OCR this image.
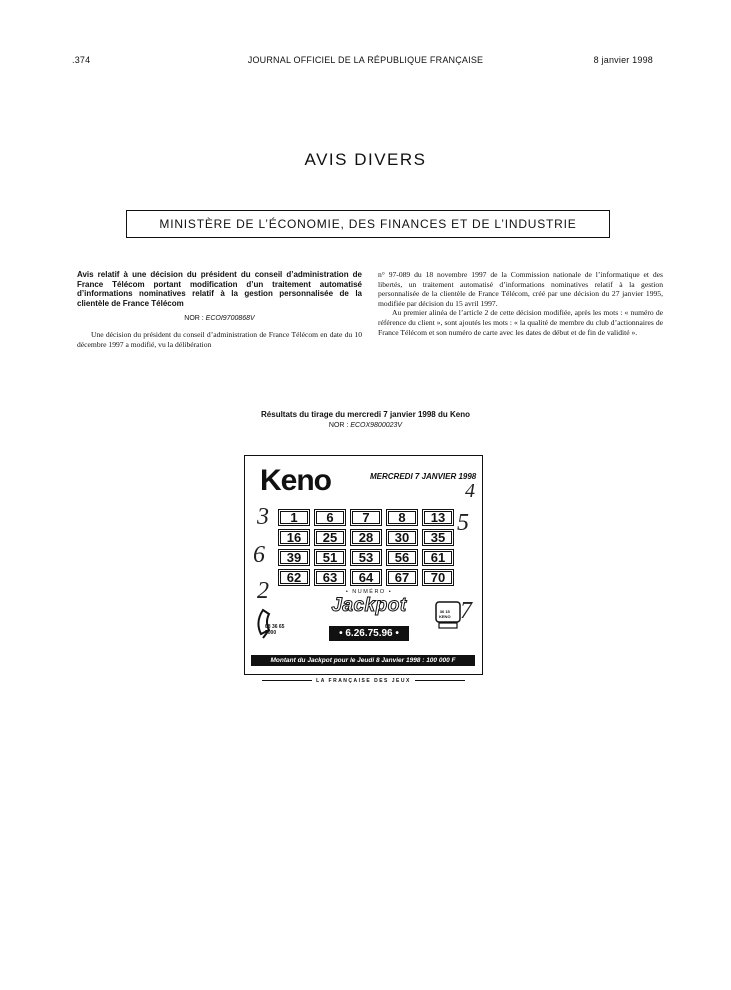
.374	JOURNAL OFFICIEL DE LA RÉPUBLIQUE FRANÇAISE	8 janvier 1998
AVIS DIVERS
MINISTÈRE DE L’ÉCONOMIE, DES FINANCES ET DE L’INDUSTRIE

Avis relatif à une décision du président du conseil d’administration de France Télécom portant modification d’un traitement automatisé d’informations nominatives relatif à la gestion personnalisée de la clientèle de France Télécom

NOR : ECOI9700868V

Une décision du président du conseil d’administration de France Télécom en date du 10 décembre 1997 a modifié, vu la délibération

n° 97-089 du 18 novembre 1997 de la Commission nationale de l’informatique et des libertés, un traitement automatisé d’informations nominatives relatif à la gestion personnalisée de la clientèle de France Télécom, créé par une décision du 27 janvier 1995, modifiée par décision du 15 avril 1997.

Au premier alinéa de l’article 2 de cette décision modifiée, après les mots : « numéro de référence du client », sont ajoutés les mots : « la qualité de membre du club d’actionnaires de France Télécom et son numéro de carte avec les dates de début et de fin de validité ».

Résultats du tirage du mercredi 7 janvier 1998 du Keno
NOR : ECOX9800023V
Keno	MERCREDI 7 JANVIER 1998
3
6
2
4
5
7
1	6	7	8	13
16	25	28	30	35
39	51	53	56	61
62	63	64	67	70
08 36 65
7000
• NUMÉRO •
Jackpot
• 6.26.75.96 •
36 15
KENO
Montant du Jackpot pour le Jeudi 8 Janvier 1998 : 100 000 F
LA FRANÇAISE DES JEUX
